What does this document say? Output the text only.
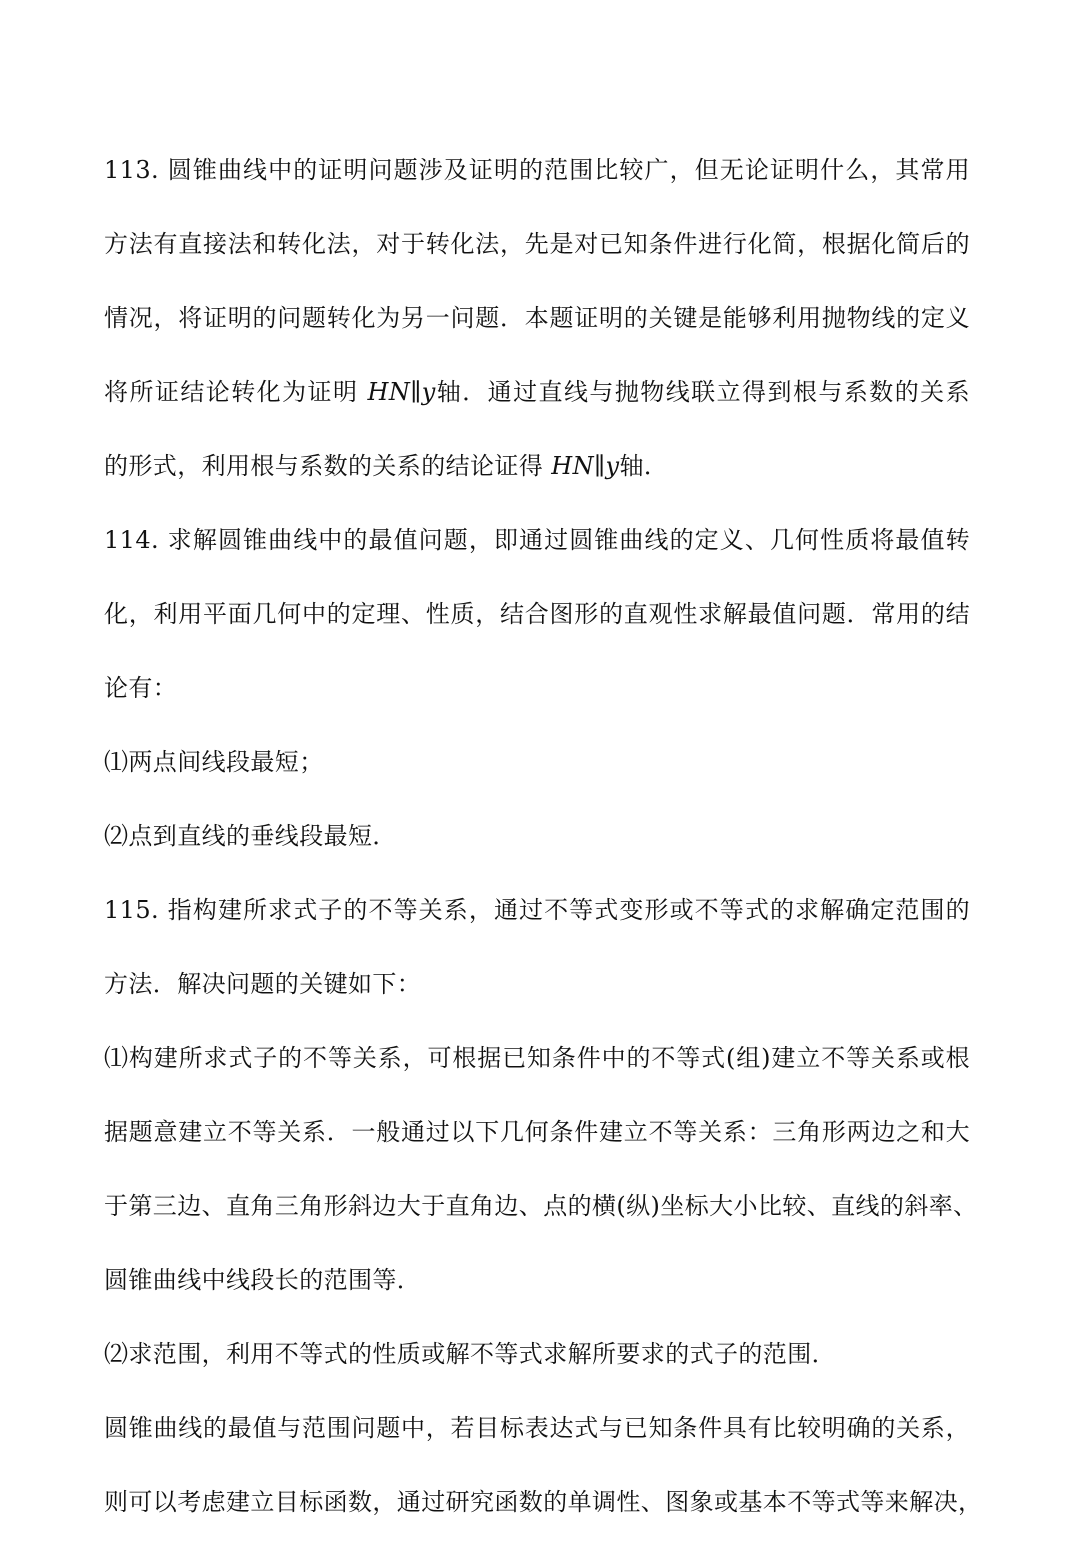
113. 圆锥曲线中的证明问题涉及证明的范围比较广，但无论证明什么，其常用
方法有直接法和转化法，对于转化法，先是对已知条件进行化简，根据化简后的
情况，将证明的问题转化为另一问题．本题证明的关键是能够利用抛物线的定义
将所证结论转化为证明 HN∥y轴．通过直线与抛物线联立得到根与系数的关系
的形式，利用根与系数的关系的结论证得 HN∥y轴．
114. 求解圆锥曲线中的最值问题，即通过圆锥曲线的定义、几何性质将最值转
化，利用平面几何中的定理、性质，结合图形的直观性求解最值问题．常用的结
论有：
⑴两点间线段最短；
⑵点到直线的垂线段最短．
115. 指构建所求式子的不等关系，通过不等式变形或不等式的求解确定范围的
方法．解决问题的关键如下：
⑴构建所求式子的不等关系，可根据已知条件中的不等式(组)建立不等关系或根
据题意建立不等关系．一般通过以下几何条件建立不等关系：三角形两边之和大
于第三边、直角三角形斜边大于直角边、点的横(纵)坐标大小比较、直线的斜率、
圆锥曲线中线段长的范围等．
⑵求范围，利用不等式的性质或解不等式求解所要求的式子的范围．
圆锥曲线的最值与范围问题中，若目标表达式与已知条件具有比较明确的关系，
则可以考虑建立目标函数，通过研究函数的单调性、图象或基本不等式等来解决，
